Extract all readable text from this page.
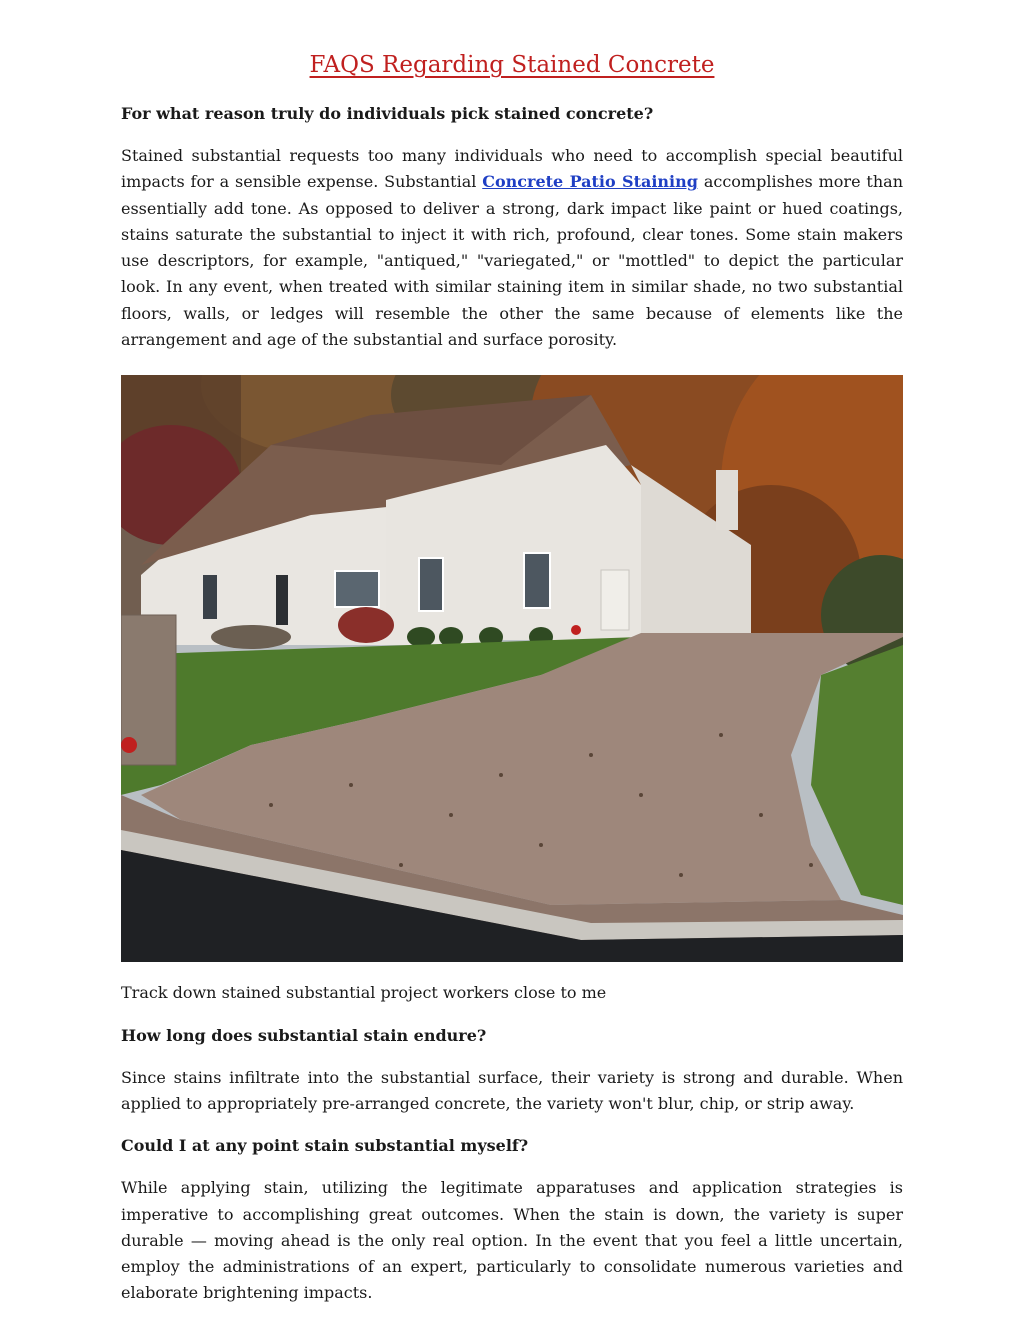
FAQS Regarding Stained Concrete

For what reason truly do individuals pick stained concrete?

Stained substantial requests too many individuals who need to accomplish special beautiful impacts for a sensible expense. Substantial Concrete Patio Staining accomplishes more than essentially add tone. As opposed to deliver a strong, dark impact like paint or hued coatings, stains saturate the substantial to inject it with rich, profound, clear tones. Some stain makers use descriptors, for example, "antiqued," "variegated," or "mottled" to depict the particular look. In any event, when treated with similar staining item in similar shade, no two substantial floors, walls, or ledges will resemble the other the same because of elements like the arrangement and age of the substantial and surface porosity.

Track down stained substantial project workers close to me

How long does substantial stain endure?

Since stains infiltrate into the substantial surface, their variety is strong and durable. When applied to appropriately pre-arranged concrete, the variety won't blur, chip, or strip away.

Could I at any point stain substantial myself?

While applying stain, utilizing the legitimate apparatuses and application strategies is imperative to accomplishing great outcomes. When the stain is down, the variety is super durable — moving ahead is the only real option. In the event that you feel a little uncertain, employ the administrations of an expert, particularly to consolidate numerous varieties and elaborate brightening impacts.
